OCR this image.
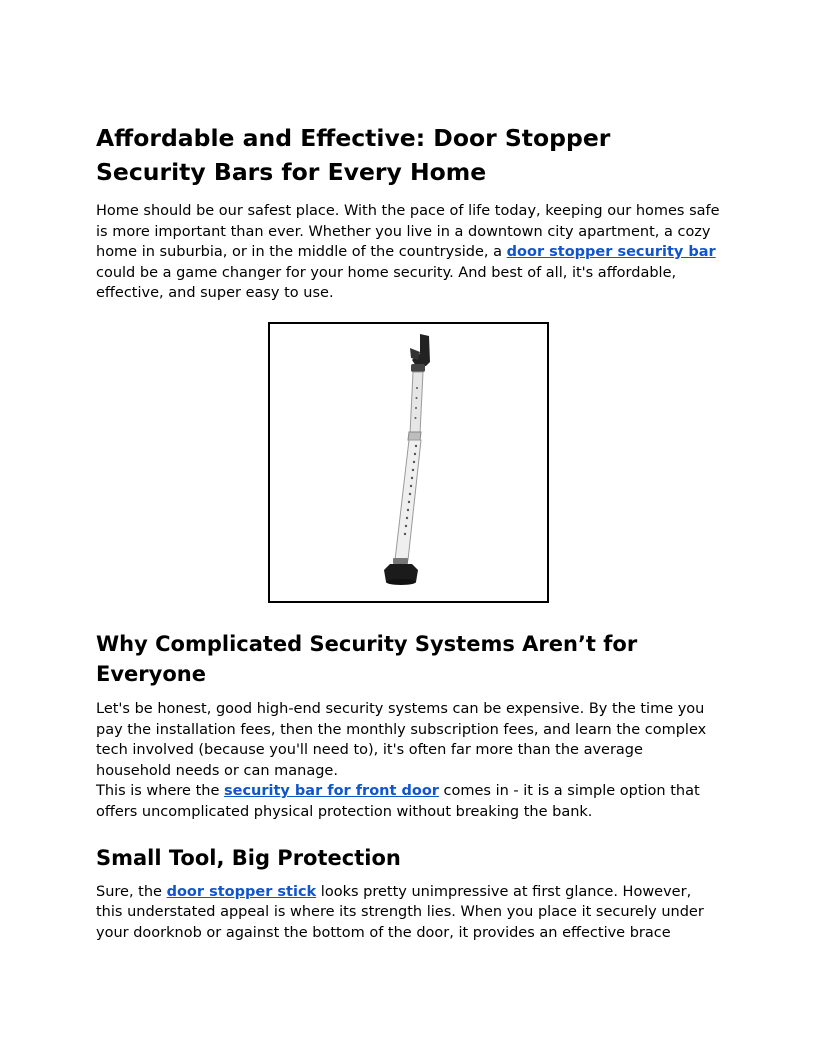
Affordable and Effective: Door Stopper Security Bars for Every Home

Home should be our safest place. With the pace of life today, keeping our homes safe is more important than ever. Whether you live in a downtown city apartment, a cozy home in suburbia, or in the middle of the countryside, a door stopper security bar could be a game changer for your home security. And best of all, it's affordable, effective, and super easy to use.

Why Complicated Security Systems Aren’t for Everyone

Let's be honest, good high-end security systems can be expensive. By the time you pay the installation fees, then the monthly subscription fees, and learn the complex tech involved (because you'll need to), it's often far more than the average household needs or can manage.

This is where the security bar for front door comes in - it is a simple option that offers uncomplicated physical protection without breaking the bank.

Small Tool, Big Protection

Sure, the door stopper stick looks pretty unimpressive at first glance. However, this understated appeal is where its strength lies. When you place it securely under your doorknob or against the bottom of the door, it provides an effective brace
